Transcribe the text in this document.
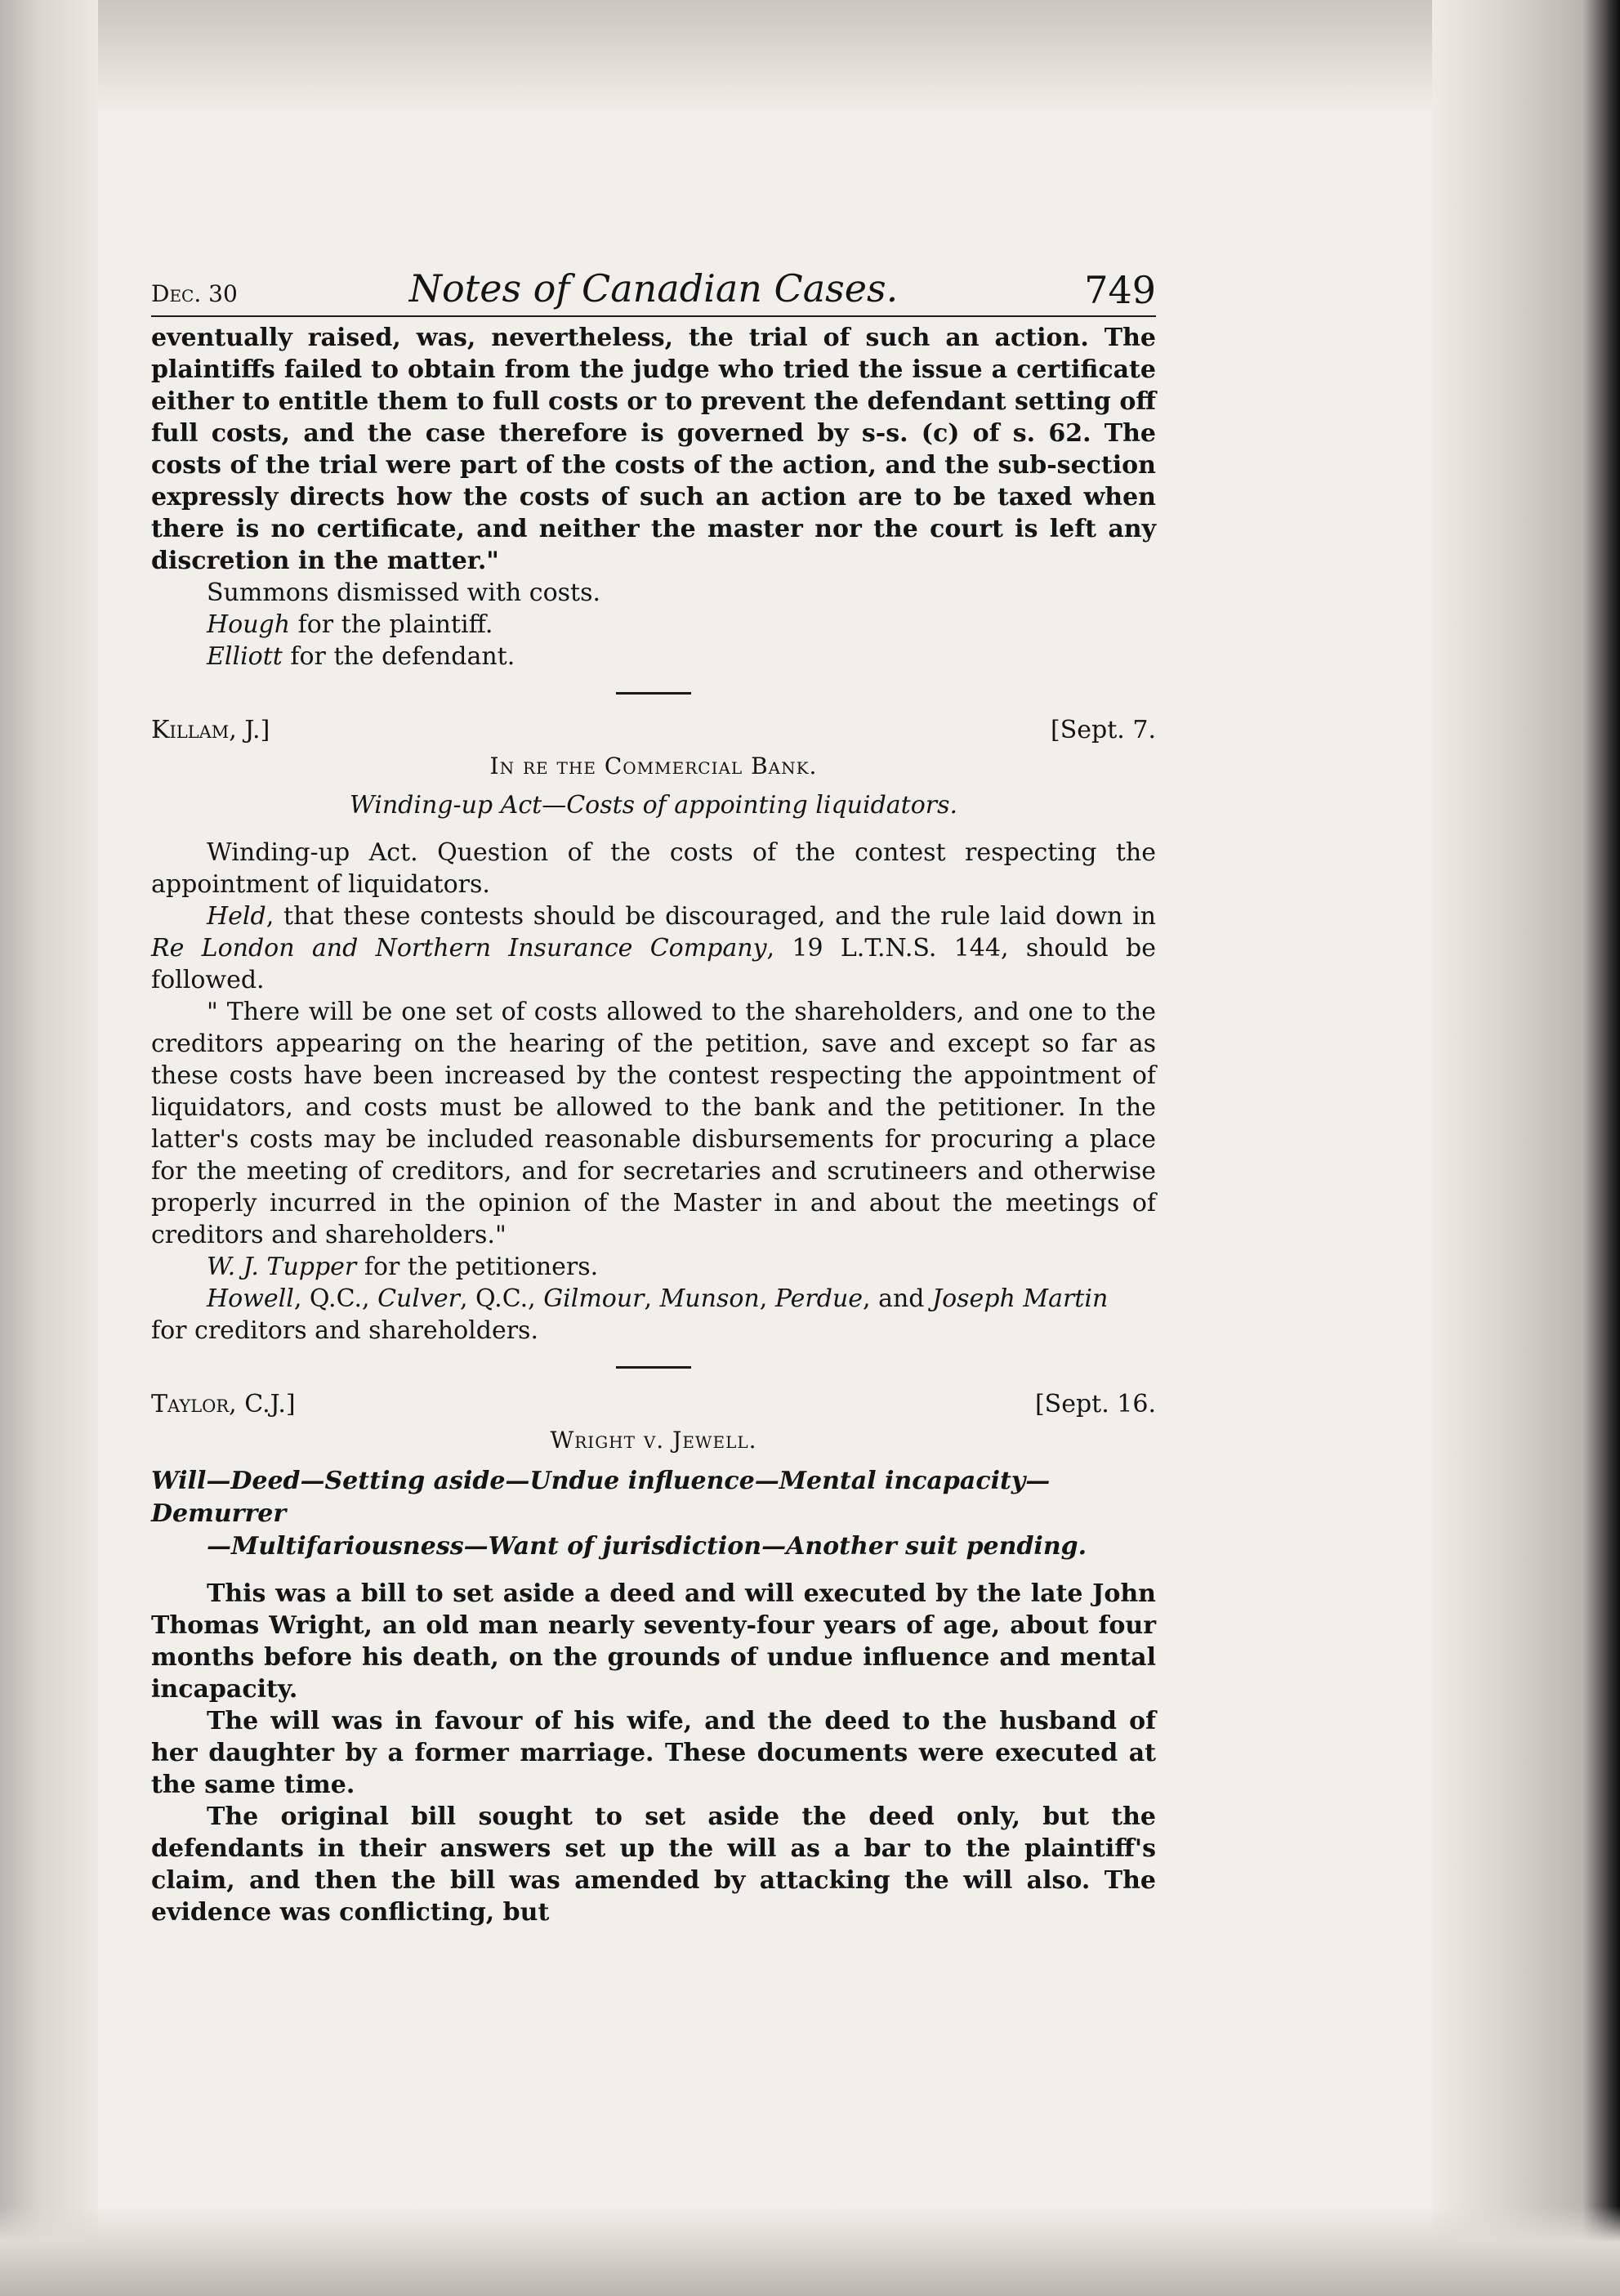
Dec. 30	Notes of Canadian Cases.	749

eventually raised, was, nevertheless, the trial of such an action. The plaintiffs failed to obtain from the judge who tried the issue a certificate either to entitle them to full costs or to prevent the defendant setting off full costs, and the case therefore is governed by s-s. (c) of s. 62. The costs of the trial were part of the costs of the action, and the sub-section expressly directs how the costs of such an action are to be taxed when there is no certificate, and neither the master nor the court is left any discretion in the matter."

Summons dismissed with costs.

Hough for the plaintiff.

Elliott for the defendant.

Killam, J.]	[Sept. 7.
In re the Commercial Bank.
Winding-up Act—Costs of appointing liquidators.

Winding-up Act. Question of the costs of the contest respecting the appointment of liquidators.

Held, that these contests should be discouraged, and the rule laid down in Re London and Northern Insurance Company, 19 L.T.N.S. 144, should be followed.

" There will be one set of costs allowed to the shareholders, and one to the creditors appearing on the hearing of the petition, save and except so far as these costs have been increased by the contest respecting the appointment of liquidators, and costs must be allowed to the bank and the petitioner. In the latter's costs may be included reasonable disbursements for procuring a place for the meeting of creditors, and for secretaries and scrutineers and otherwise properly incurred in the opinion of the Master in and about the meetings of creditors and shareholders."

W. J. Tupper for the petitioners.

Howell, Q.C., Culver, Q.C., Gilmour, Munson, Perdue, and Joseph Martin

for creditors and shareholders.

Taylor, C.J.]	[Sept. 16.
Wright v. Jewell.
Will—Deed—Setting aside—Undue influence—Mental incapacity—Demurrer
—Multifariousness—Want of jurisdiction—Another suit pending.

This was a bill to set aside a deed and will executed by the late John Thomas Wright, an old man nearly seventy-four years of age, about four months before his death, on the grounds of undue influence and mental incapacity.

The will was in favour of his wife, and the deed to the husband of her daughter by a former marriage. These documents were executed at the same time.

The original bill sought to set aside the deed only, but the defendants in their answers set up the will as a bar to the plaintiff's claim, and then the bill was amended by attacking the will also. The evidence was conflicting, but
